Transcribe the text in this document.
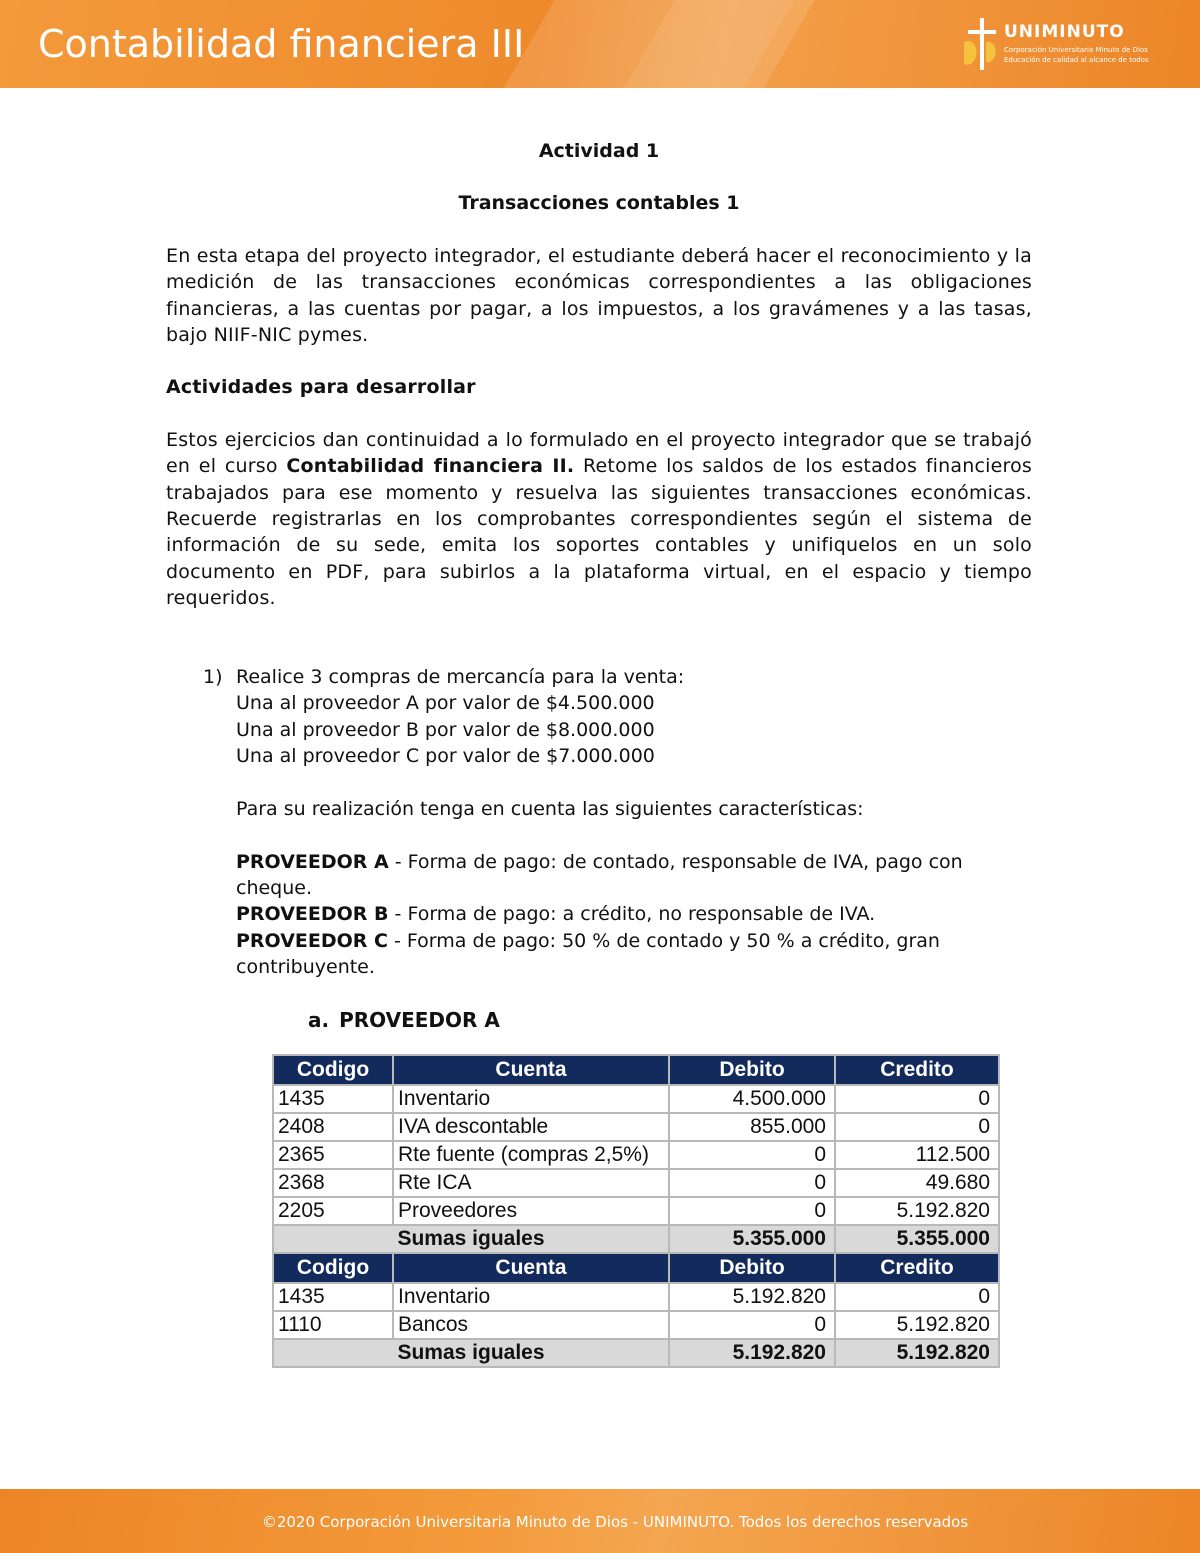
Contabilidad financiera III	UNIMINUTO
Corporación Universitaria Minuto de Dios
Educación de calidad al alcance de todos

Actividad 1

Transacciones contables 1

En esta etapa del proyecto integrador, el estudiante deberá hacer el reconocimiento y la medición de las transacciones económicas correspondientes a las obligaciones financieras, a las cuentas por pagar, a los impuestos, a los gravámenes y a las tasas, bajo NIIF-NIC pymes.

Actividades para desarrollar

Estos ejercicios dan continuidad a lo formulado en el proyecto integrador que se trabajó en el curso Contabilidad financiera II. Retome los saldos de los estados financieros trabajados para ese momento y resuelva las siguientes transacciones económicas. Recuerde registrarlas en los comprobantes correspondientes según el sistema de información de su sede, emita los soportes contables y unifiquelos en un solo documento en PDF, para subirlos a la plataforma virtual, en el espacio y tiempo requeridos.

1) Realice 3 compras de mercancía para la venta:

Una al proveedor A por valor de $4.500.000

Una al proveedor B por valor de $8.000.000

Una al proveedor C por valor de $7.000.000

Para su realización tenga en cuenta las siguientes características:

PROVEEDOR A - Forma de pago: de contado, responsable de IVA, pago con cheque.

PROVEEDOR B - Forma de pago: a crédito, no responsable de IVA.

PROVEEDOR C - Forma de pago: 50 % de contado y 50 % a crédito, gran contribuyente.

a. PROVEEDOR A
Codigo	Cuenta	Debito	Credito
1435	Inventario	4.500.000	0
2408	IVA descontable	855.000	0
2365	Rte fuente (compras 2,5%)	0	112.500
2368	Rte ICA	0	49.680
2205	Proveedores	0	5.192.820
Sumas iguales		5.355.000	5.355.000
Codigo	Cuenta	Debito	Credito
1435	Inventario	5.192.820	0
1110	Bancos	0	5.192.820
Sumas iguales		5.192.820	5.192.820
©2020 Corporación Universitaria Minuto de Dios - UNIMINUTO. Todos los derechos reservados
